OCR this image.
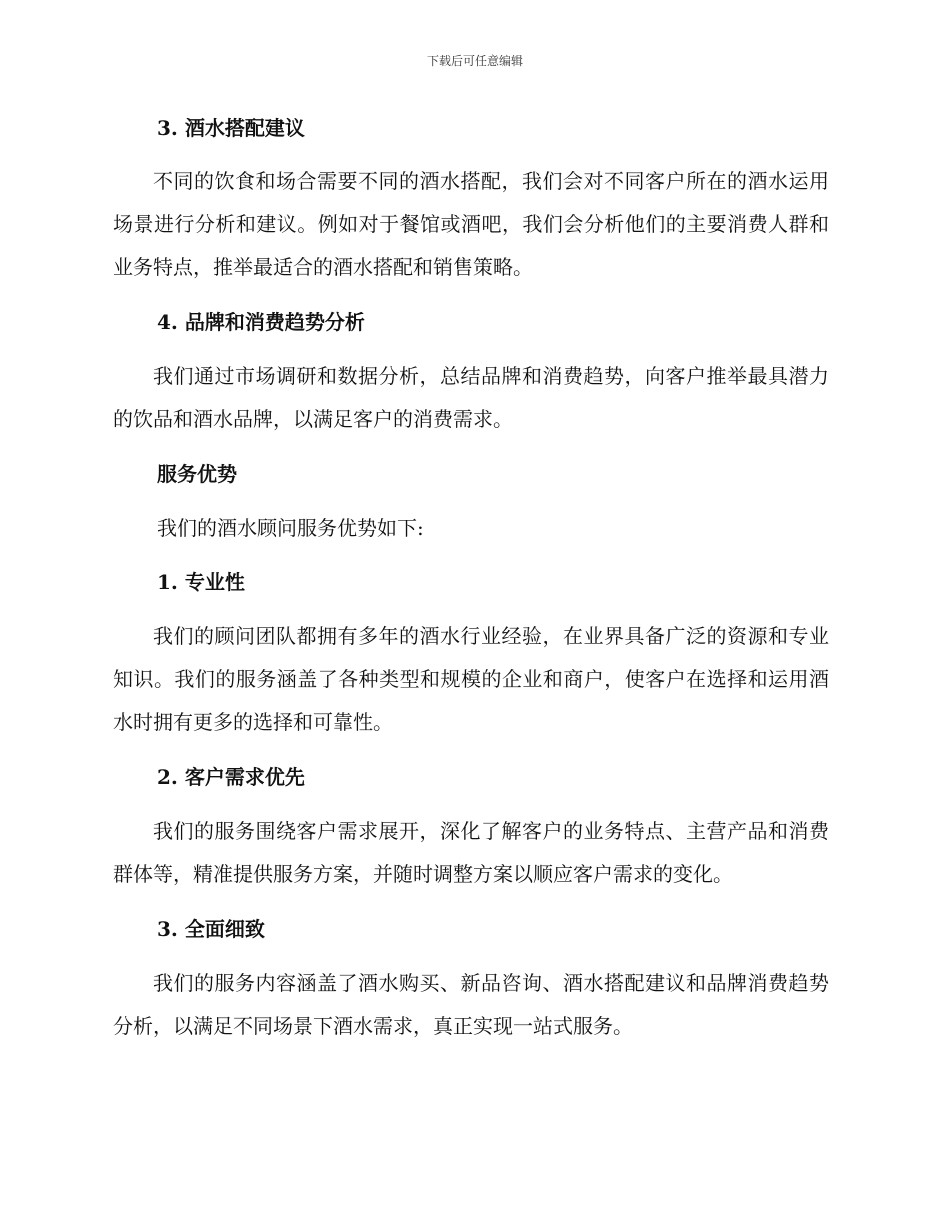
下载后可任意编辑
3. 酒水搭配建议
不同的饮食和场合需要不同的酒水搭配，我们会对不同客户所在的酒水运用场景进行分析和建议。例如对于餐馆或酒吧，我们会分析他们的主要消费人群和业务特点，推举最适合的酒水搭配和销售策略。
4. 品牌和消费趋势分析
我们通过市场调研和数据分析，总结品牌和消费趋势，向客户推举最具潜力的饮品和酒水品牌，以满足客户的消费需求。
服务优势
我们的酒水顾问服务优势如下:
1. 专业性
我们的顾问团队都拥有多年的酒水行业经验，在业界具备广泛的资源和专业知识。我们的服务涵盖了各种类型和规模的企业和商户，使客户在选择和运用酒水时拥有更多的选择和可靠性。
2. 客户需求优先
我们的服务围绕客户需求展开，深化了解客户的业务特点、主营产品和消费群体等，精准提供服务方案，并随时调整方案以顺应客户需求的变化。
3. 全面细致
我们的服务内容涵盖了酒水购买、新品咨询、酒水搭配建议和品牌消费趋势分析，以满足不同场景下酒水需求，真正实现一站式服务。
